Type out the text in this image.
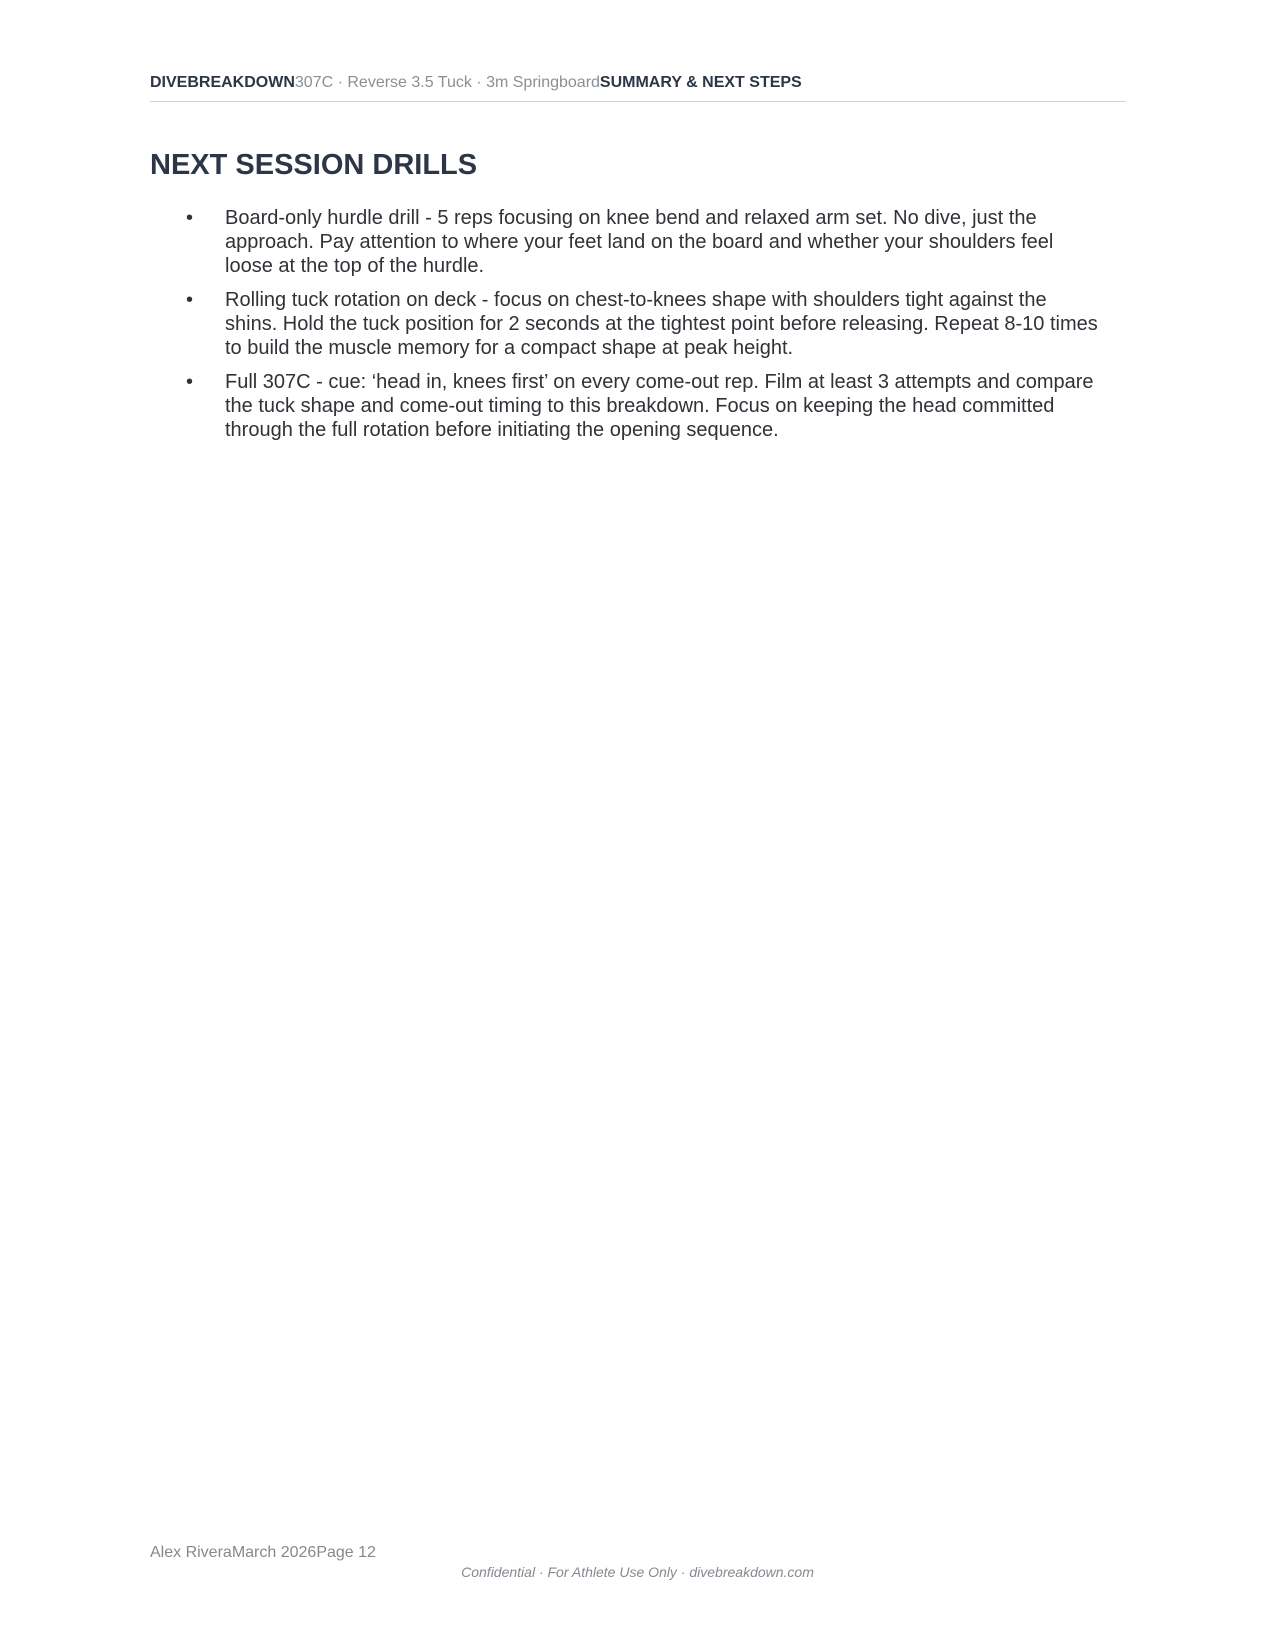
DIVEBREAKDOWN307C · Reverse 3.5 Tuck · 3m SpringboardSUMMARY & NEXT STEPS
NEXT SESSION DRILLS
• Board-only hurdle drill - 5 reps focusing on knee bend and relaxed arm set. No dive, just the approach. Pay attention to where your feet land on the board and whether your shoulders feel loose at the top of the hurdle.
• Rolling tuck rotation on deck - focus on chest-to-knees shape with shoulders tight against the shins. Hold the tuck position for 2 seconds at the tightest point before releasing. Repeat 8-10 times to build the muscle memory for a compact shape at peak height.
• Full 307C - cue: ‘head in, knees first’ on every come-out rep. Film at least 3 attempts and compare the tuck shape and come-out timing to this breakdown. Focus on keeping the head committed through the full rotation before initiating the opening sequence.
Alex RiveraMarch 2026Page 12
Confidential · For Athlete Use Only · divebreakdown.com
